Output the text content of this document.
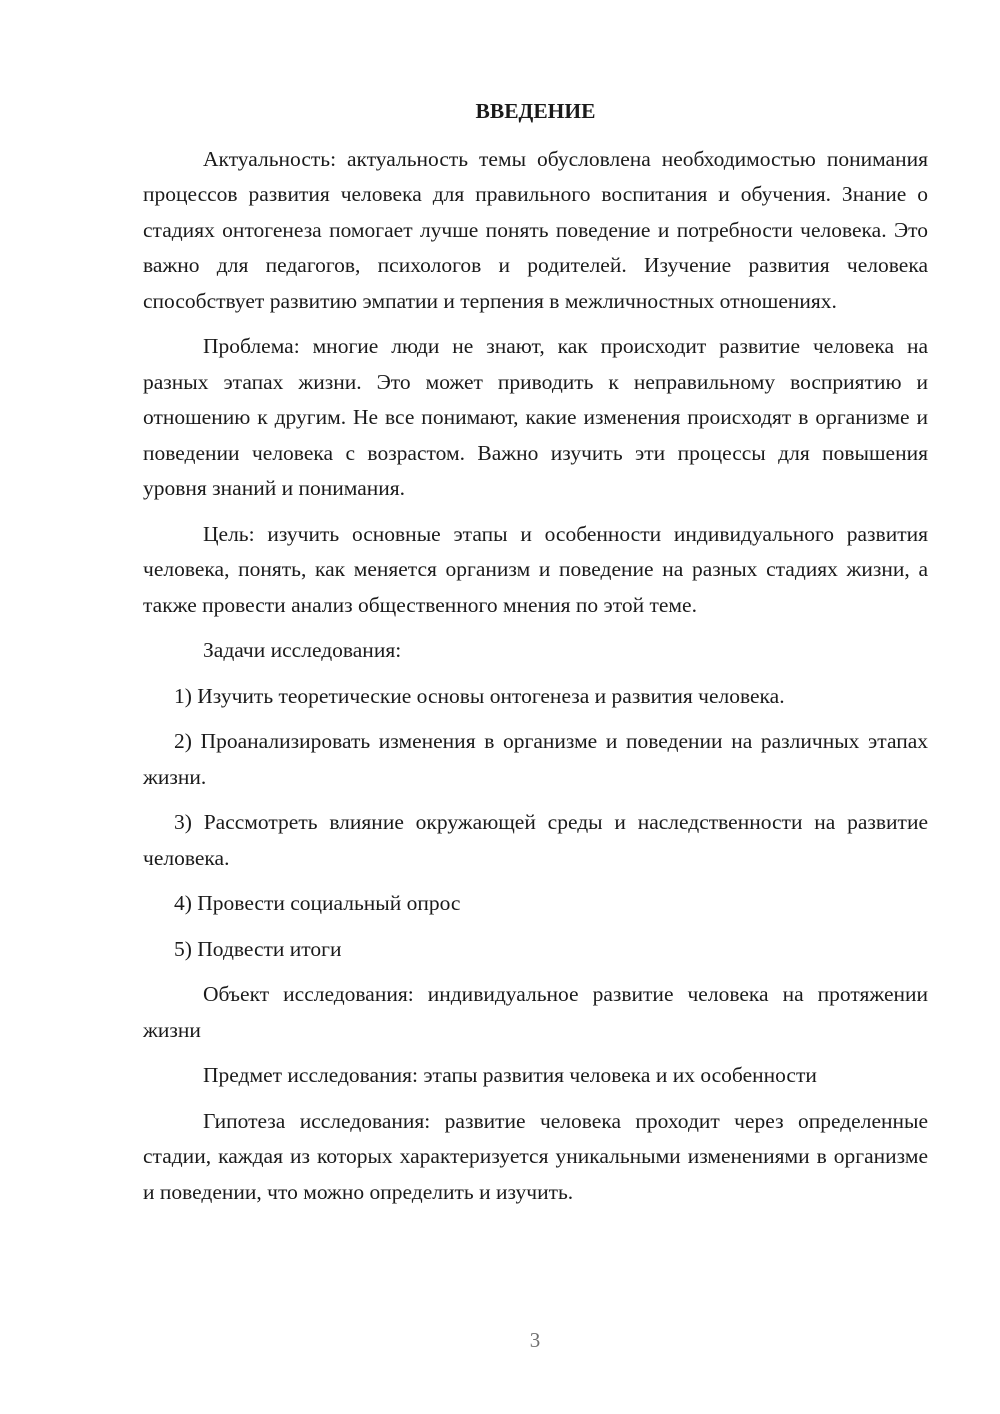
ВВЕДЕНИЕ

Актуальность: актуальность темы обусловлена необходимостью понимания процессов развития человека для правильного воспитания и обучения. Знание о стадиях онтогенеза помогает лучше понять поведение и потребности человека. Это важно для педагогов, психологов и родителей. Изучение развития человека способствует развитию эмпатии и терпения в межличностных отношениях.

Проблема: многие люди не знают, как происходит развитие человека на разных этапах жизни. Это может приводить к неправильному восприятию и отношению к другим. Не все понимают, какие изменения происходят в организме и поведении человека с возрастом. Важно изучить эти процессы для повышения уровня знаний и понимания.

Цель: изучить основные этапы и особенности индивидуального развития человека, понять, как меняется организм и поведение на разных стадиях жизни, а также провести анализ общественного мнения по этой теме.

Задачи исследования:

1) Изучить теоретические основы онтогенеза и развития человека.

2) Проанализировать изменения в организме и поведении на различных этапах жизни.

3) Рассмотреть влияние окружающей среды и наследственности на развитие человека.

4) Провести социальный опрос

5) Подвести итоги

Объект исследования: индивидуальное развитие человека на протяжении жизни

Предмет исследования: этапы развития человека и их особенности

Гипотеза исследования: развитие человека проходит через определенные стадии, каждая из которых характеризуется уникальными изменениями в организме и поведении, что можно определить и изучить.

3
